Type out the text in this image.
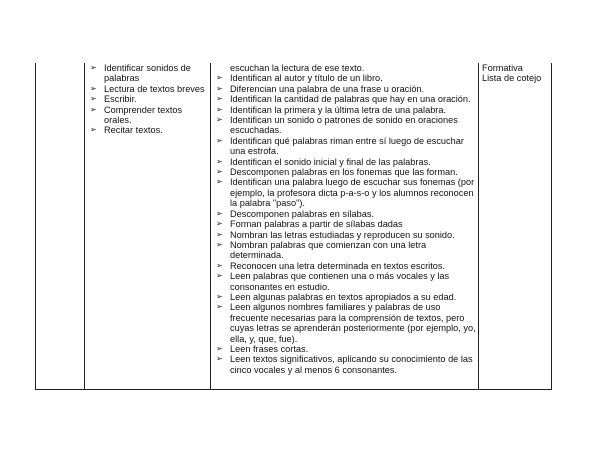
➢ Identificar sonidos de palabras
➢ Lectura de textos breves
➢ Escribir.
➢ Comprender textos orales.
➢ Recitar textos.
escuchan la lectura de ese texto.
➢ Identifican al autor y título de un libro.
➢ Diferencian una palabra de una frase u oración.
➢ Identifican la cantidad de palabras que hay en una oración.
➢ Identifican la primera y la última letra de una palabra.
➢ Identifican un sonido o patrones de sonido en oraciones escuchadas.
➢ Identifican qué palabras riman entre sí luego de escuchar una estrofa.
➢ Identifican el sonido inicial y final de las palabras.
➢ Descomponen palabras en los fonemas que las forman.
➢ Identifican una palabra luego de escuchar sus fonemas (por ejemplo, la profesora dicta p-a-s-o y los alumnos reconocen la palabra "paso").
➢ Descomponen palabras en sílabas.
➢ Forman palabras a partir de sílabas dadas
➢ Nombran las letras estudiadas y reproducen su sonido.
➢ Nombran palabras que comienzan con una letra determinada.
➢ Reconocen una letra determinada en textos escritos.
➢ Leen palabras que contienen una o más vocales y las consonantes en estudio.
➢ Leen algunas palabras en textos apropiados a su edad.
➢ Leen algunos nombres familiares y palabras de uso frecuente necesarias para la comprensión de textos, pero cuyas letras se aprenderán posteriormente (por ejemplo, yo, ella, y, que, fue).
➢ Leen frases cortas.
➢ Leen textos significativos, aplicando su conocimiento de las cinco vocales y al menos 6 consonantes.
Formativa
Lista de cotejo
